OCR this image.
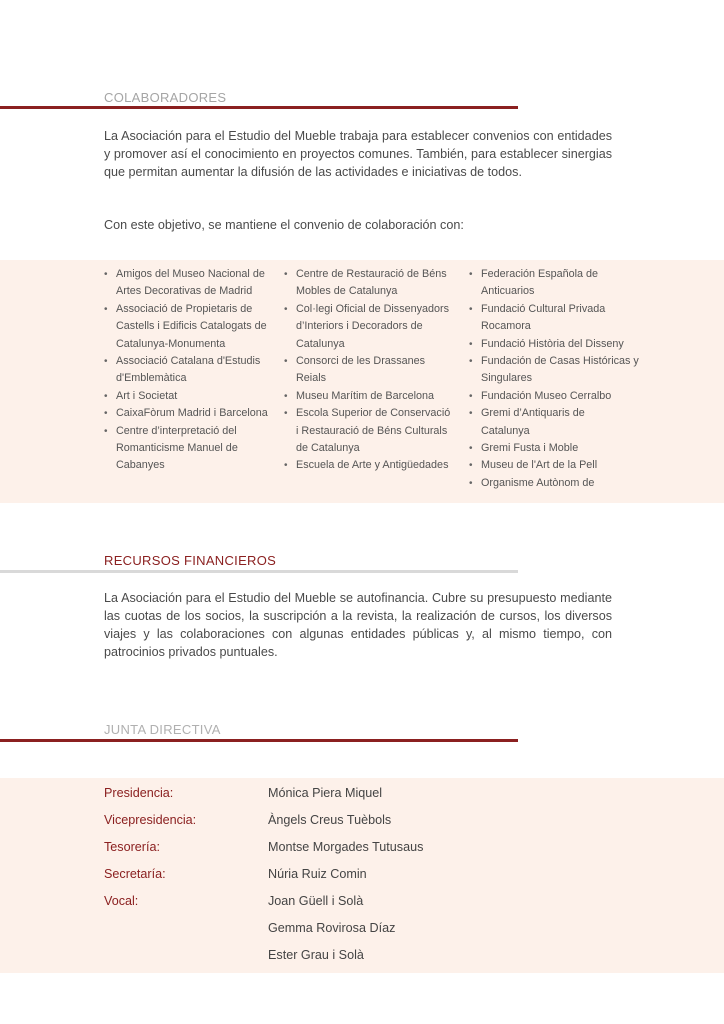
COLABORADORES

La Asociación para el Estudio del Mueble trabaja para establecer convenios con entidades y promover así el conocimiento en proyectos comunes. También, para establecer sinergias que permitan aumentar la difusión de las actividades e iniciativas de todos.

Con este objetivo, se mantiene el convenio de colaboración con:

• Amigos del Museo Nacional de
Artes Decorativas de Madrid
• Associació de Propietaris de
Castells i Edificis Catalogats de
Catalunya-Monumenta
• Associació Catalana d'Estudis
d'Emblemàtica
• Art i Societat
• CaixaFòrum Madrid i Barcelona
• Centre d’interpretació del
Romanticisme Manuel de
Cabanyes
• Centre de Restauració de Béns
Mobles de Catalunya
• Col·legi Oficial de Dissenyadors
d’Interiors i Decoradors de
Catalunya
• Consorci de les Drassanes
Reials
• Museu Marítim de Barcelona
• Escola Superior de Conservació
i Restauració de Béns Culturals
de Catalunya
• Escuela de Arte y Antigüedades
• Federación Española de
Anticuarios
• Fundació Cultural Privada
Rocamora
• Fundació Història del Disseny
• Fundación de Casas Históricas y
Singulares
• Fundación Museo Cerralbo
• Gremi d’Antiquaris de
Catalunya
• Gremi Fusta i Moble
• Museu de l'Art de la Pell
• Organisme Autònom de
RECURSOS FINANCIEROS

La Asociación para el Estudio del Mueble se autofinancia. Cubre su presupuesto mediante las cuotas de los socios, la suscripción a la revista, la realización de cursos, los diversos viajes y las colaboraciones con algunas entidades públicas y, al mismo tiempo, con patrocinios privados puntuales.

JUNTA DIRECTIVA
Presidencia:	Mónica Piera Miquel
Vicepresidencia:	Àngels Creus Tuèbols
Tesorería:	Montse Morgades Tutusaus
Secretaría:	Núria Ruiz Comin
Vocal:	Joan Güell i Solà
Gemma Rovirosa Díaz
Ester Grau i Solà
